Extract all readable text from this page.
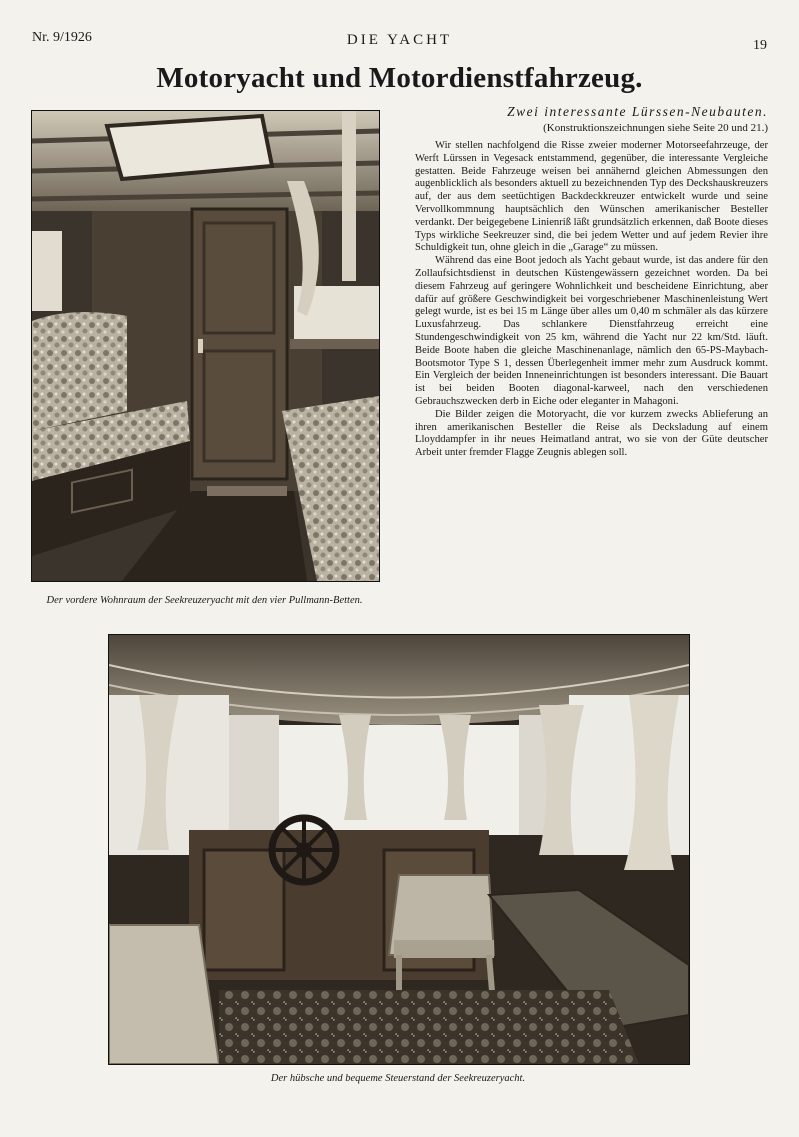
Nr. 9/1926	DIE YACHT	19
Motoryacht und Motordienstfahrzeug.
Der vordere Wohnraum der Seekreuzeryacht mit den vier Pullmann-Betten.

Zwei interessante Lürssen-Neubauten.

(Konstruktionszeichnungen siehe Seite 20 und 21.)

Wir stellen nachfolgend die Risse zweier moderner Motorseefahrzeuge, der Werft Lürssen in Vegesack entstammend, gegenüber, die interessante Vergleiche gestatten. Beide Fahrzeuge weisen bei annähernd gleichen Abmessungen den augenblicklich als besonders aktuell zu bezeichnenden Typ des Deckshauskreuzers auf, der aus dem seetüchtigen Backdeckkreuzer entwickelt wurde und seine Vervollkommnung hauptsächlich den Wünschen amerikanischer Besteller verdankt. Der beigegebene Linienriß läßt grundsätzlich erkennen, daß Boote dieses Typs wirkliche Seekreuzer sind, die bei jedem Wetter und auf jedem Revier ihre Schuldigkeit tun, ohne gleich in die „Garage“ zu müssen.

Während das eine Boot jedoch als Yacht gebaut wurde, ist das andere für den Zollaufsichtsdienst in deutschen Küstengewässern gezeichnet worden. Da bei diesem Fahrzeug auf geringere Wohnlichkeit und bescheidene Einrichtung, aber dafür auf größere Geschwindigkeit bei vorgeschriebener Maschinenleistung Wert gelegt wurde, ist es bei 15 m Länge über alles um 0,40 m schmäler als das kürzere Luxusfahrzeug. Das schlankere Dienstfahrzeug erreicht eine Stundengeschwindigkeit von 25 km, während die Yacht nur 22 km/Std. läuft. Beide Boote haben die gleiche Maschinenanlage, nämlich den 65-PS-Maybach-Bootsmotor Type S 1, dessen Überlegenheit immer mehr zum Ausdruck kommt. Ein Vergleich der beiden Inneneinrichtungen ist besonders interessant. Die Bauart ist bei beiden Booten diagonal-karweel, nach den verschiedenen Gebrauchszwecken derb in Eiche oder eleganter in Mahagoni.

Die Bilder zeigen die Motoryacht, die vor kurzem zwecks Ablieferung an ihren amerikanischen Besteller die Reise als Decksladung auf einem Lloyddampfer in ihr neues Heimatland antrat, wo sie von der Güte deutscher Arbeit unter fremder Flagge Zeugnis ablegen soll.

Der hübsche und bequeme Steuerstand der Seekreuzeryacht.
